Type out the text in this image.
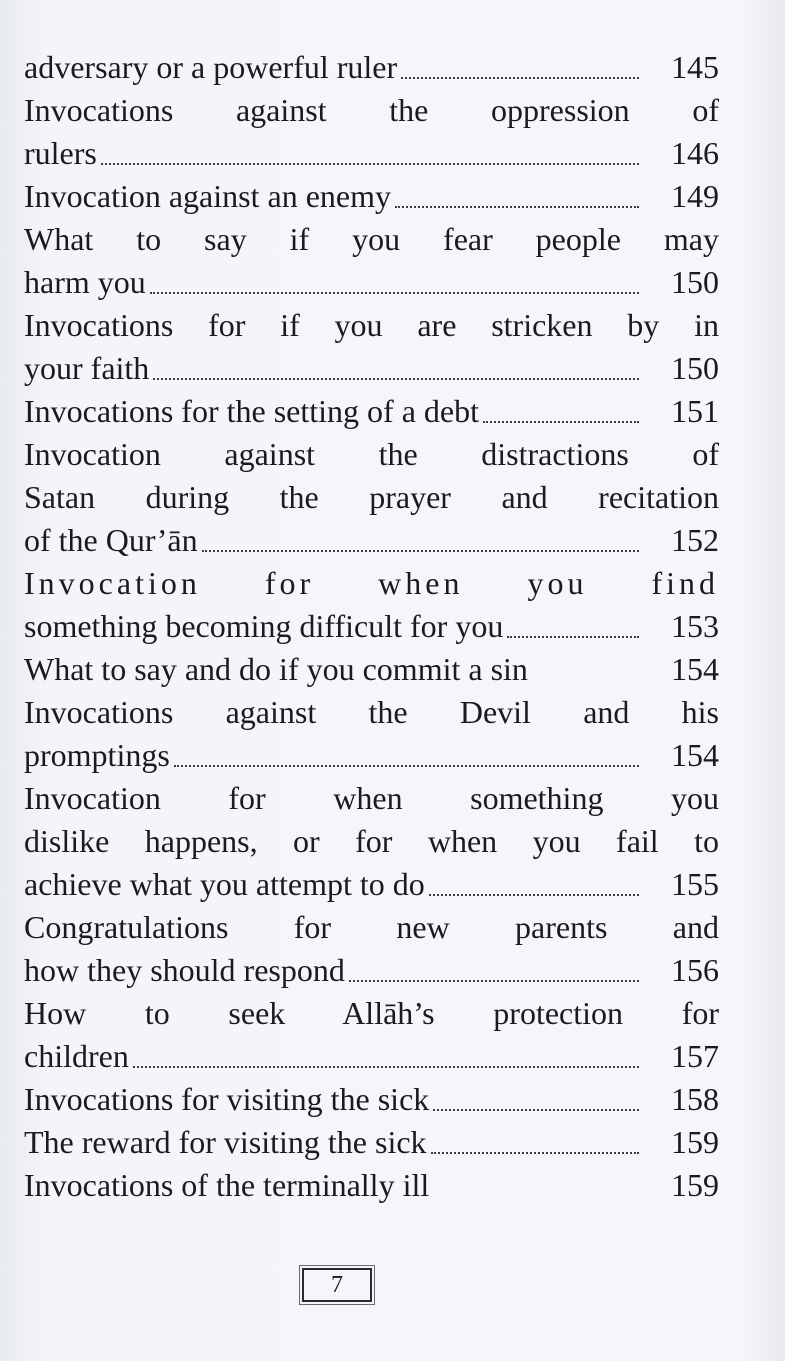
adversary or a powerful ruler	145
Invocations against the oppression of
rulers	146
Invocation against an enemy	149
What to say if you fear people may
harm you	150
Invocations for if you are stricken by in
your faith	150
Invocations for the setting of a debt	151
Invocation against the distractions of
Satan during the prayer and recitation
of the Qur’ān	152
Invocation for when you find
something becoming difficult for you	153
What to say and do if you commit a sin	154
Invocations against the Devil and his
promptings	154
Invocation for when something you
dislike happens, or for when you fail to
achieve what you attempt to do	155
Congratulations for new parents and
how they should respond	156
How to seek Allāh’s protection for
children	157
Invocations for visiting the sick	158
The reward for visiting the sick	159
Invocations of the terminally ill	159
7
